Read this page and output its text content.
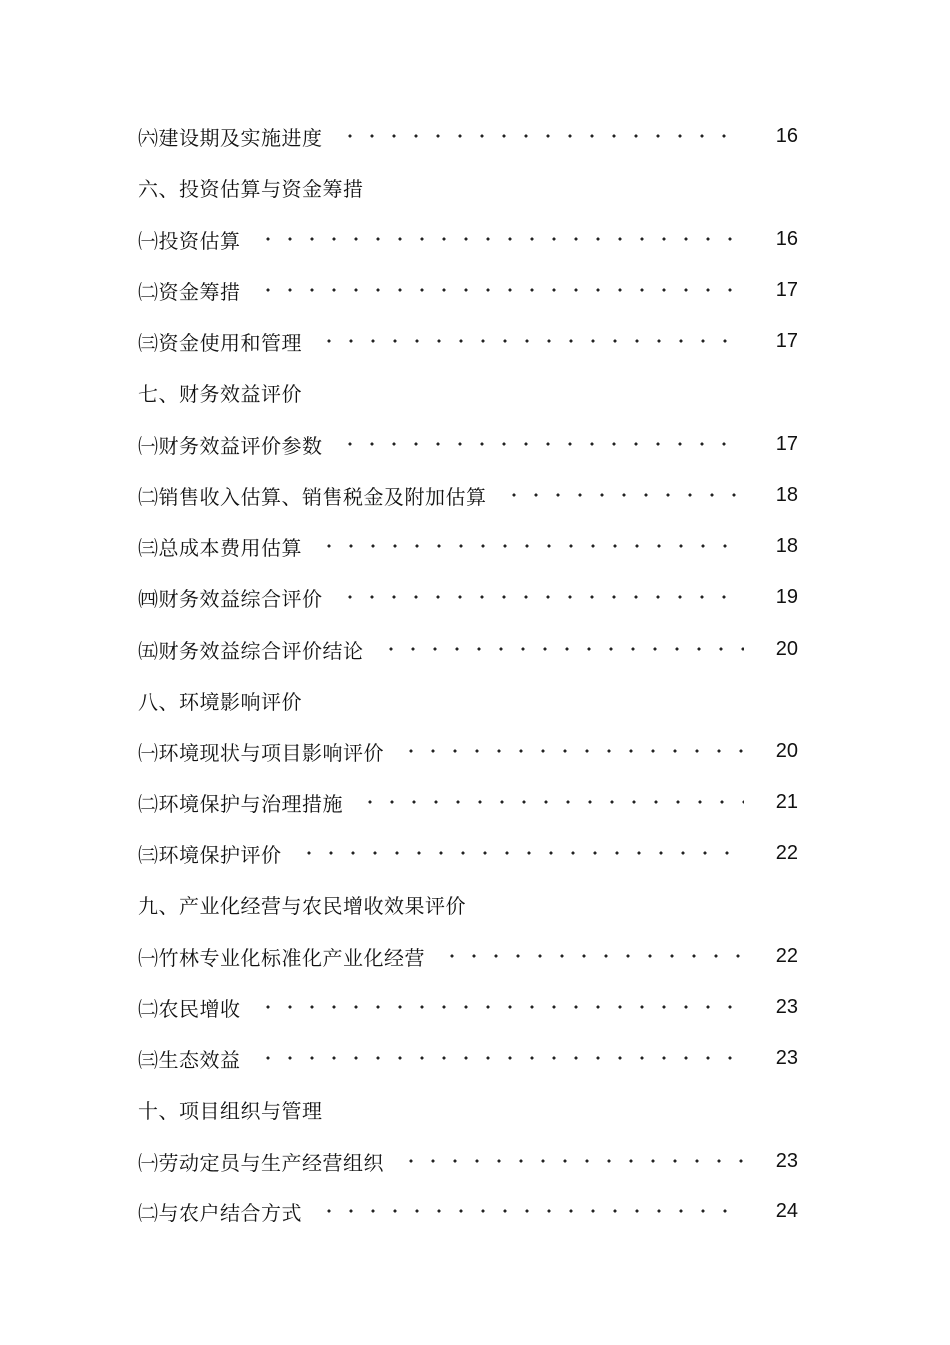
㈥建设期及实施进度	16
六、投资估算与资金筹措
㈠投资估算	16
㈡资金筹措	17
㈢资金使用和管理	17
七、财务效益评价
㈠财务效益评价参数	17
㈡销售收入估算、销售税金及附加估算	18
㈢总成本费用估算	18
㈣财务效益综合评价	19
㈤财务效益综合评价结论	20
八、环境影响评价
㈠环境现状与项目影响评价	20
㈡环境保护与治理措施	21
㈢环境保护评价	22
九、产业化经营与农民增收效果评价
㈠竹林专业化标准化产业化经营	22
㈡农民增收	23
㈢生态效益	23
十、项目组织与管理
㈠劳动定员与生产经营组织	23
㈡与农户结合方式	24
